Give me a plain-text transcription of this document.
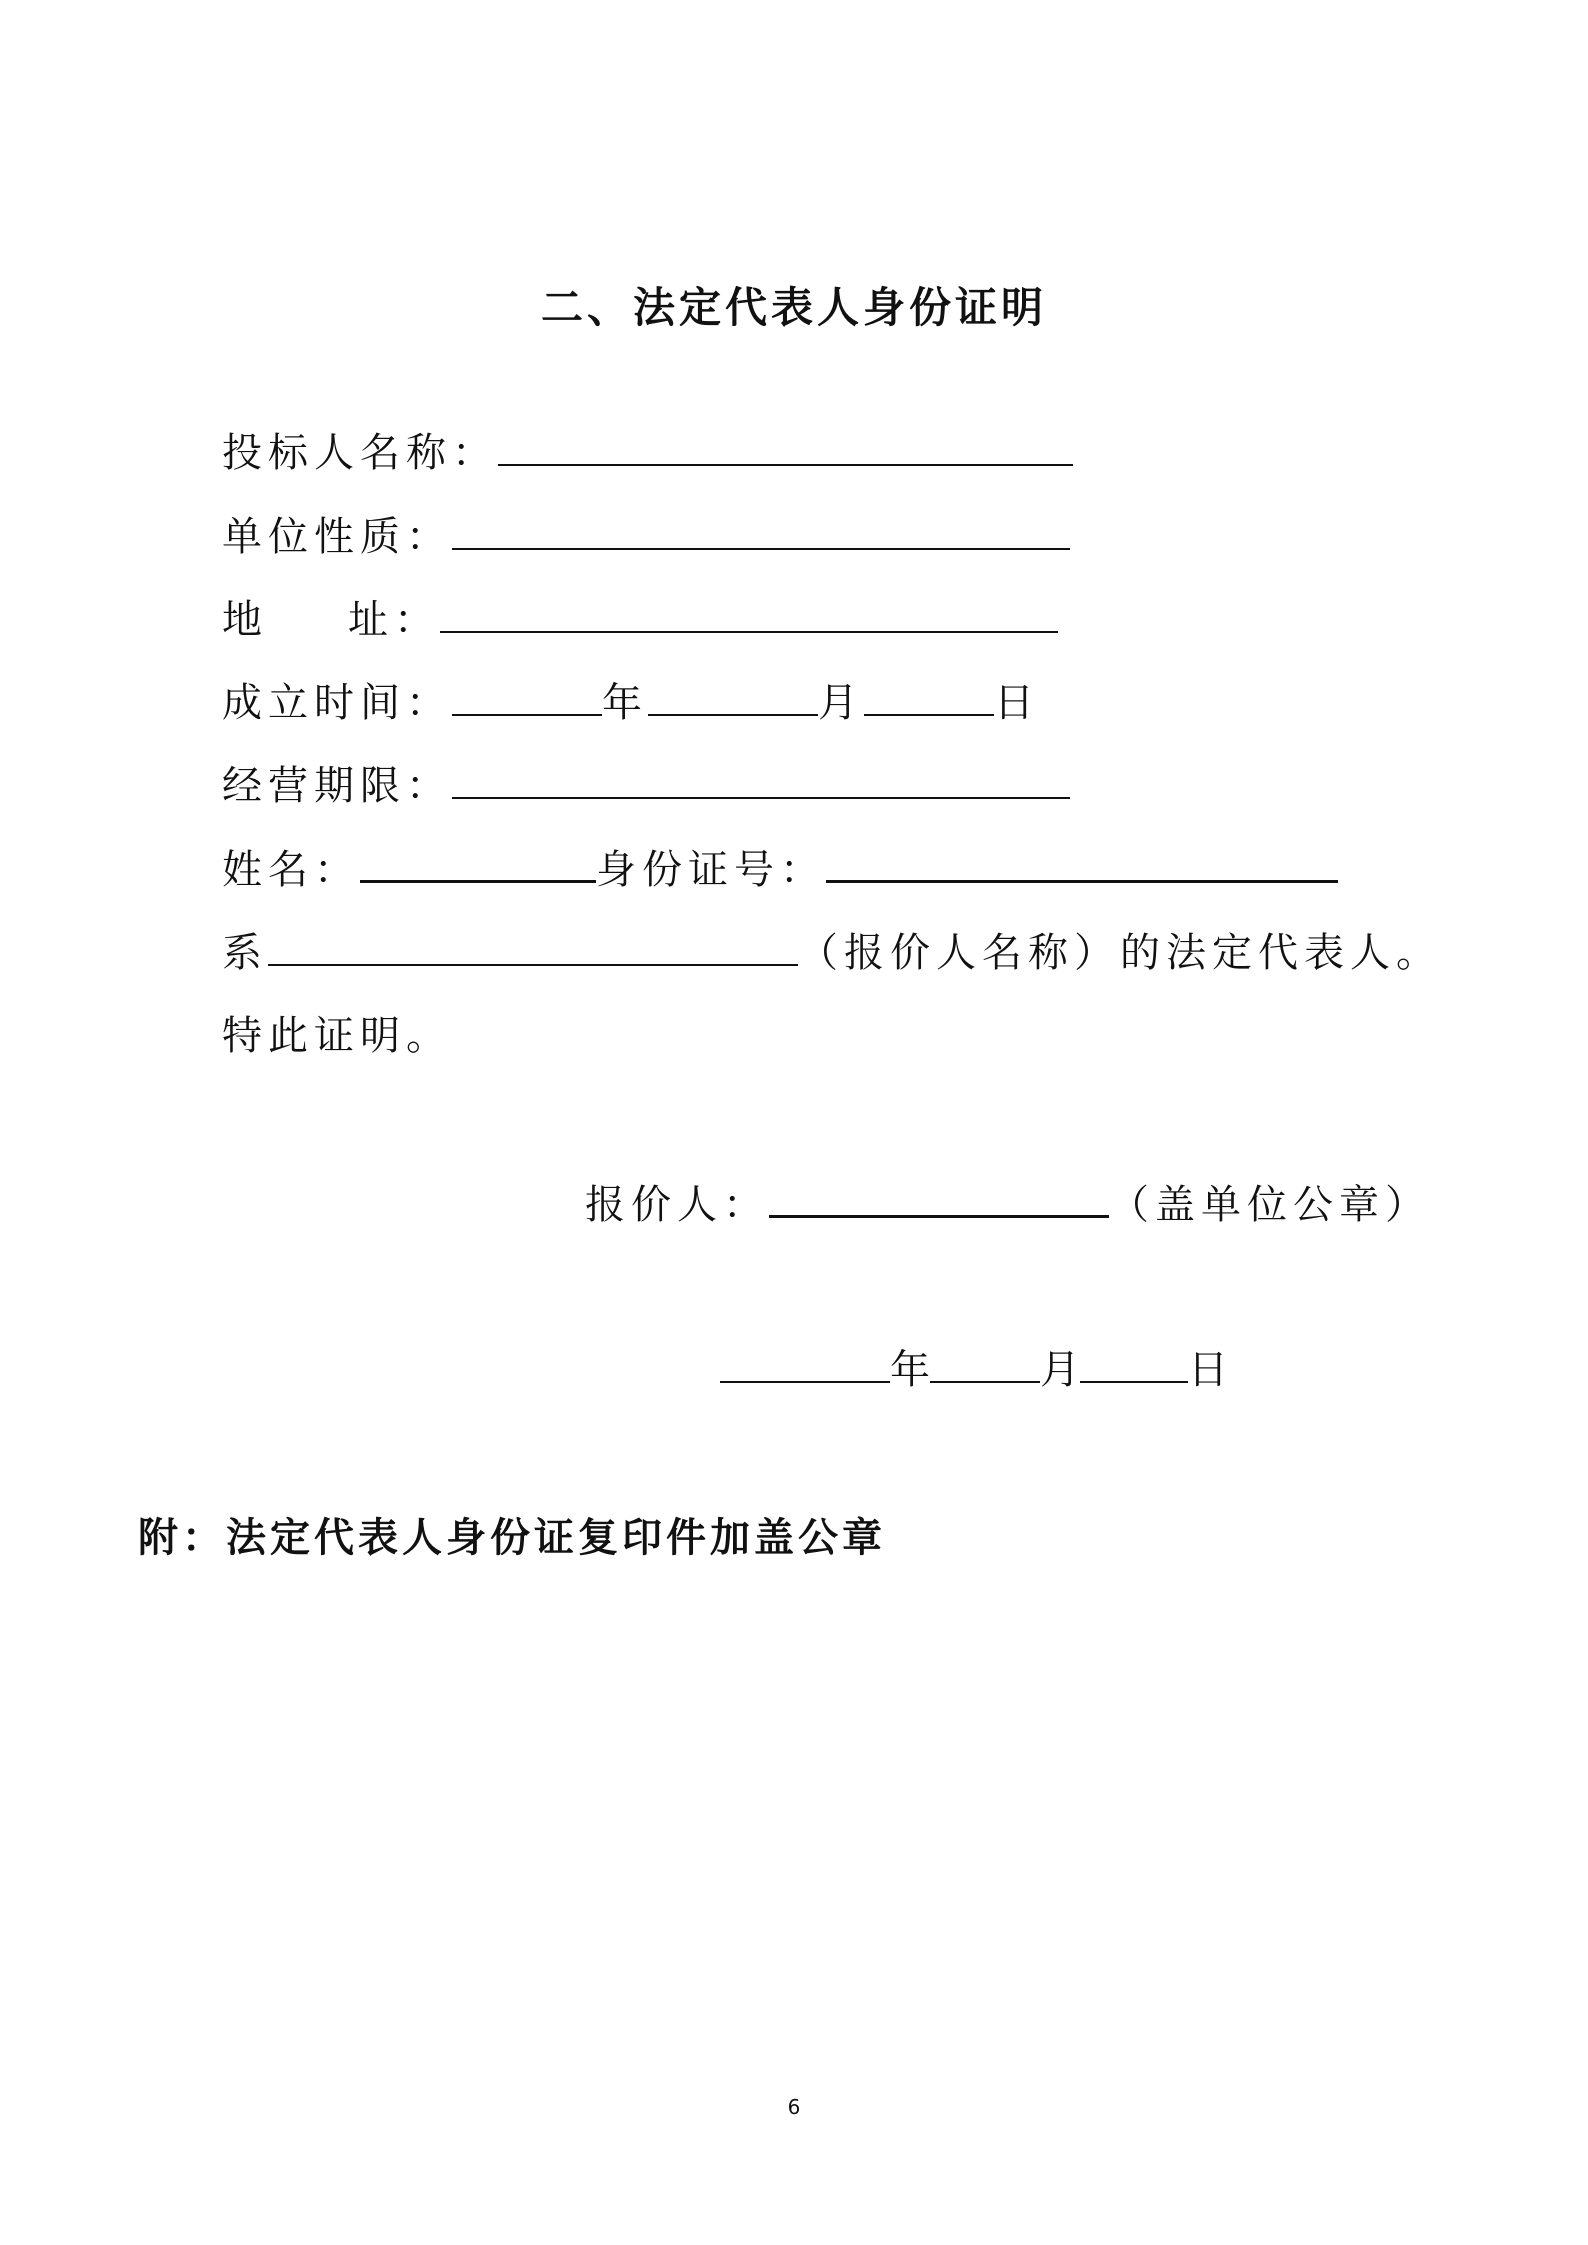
二、法定代表人身份证明
投标人名称：
单位性质：
地 址：
成立时间：	年	月	日
经营期限：
姓名：	身份证号：
系	（报价人名称）的法定代表人。
特此证明。
报价人：	（盖单位公章）
年	月	日
附：法定代表人身份证复印件加盖公章
6
